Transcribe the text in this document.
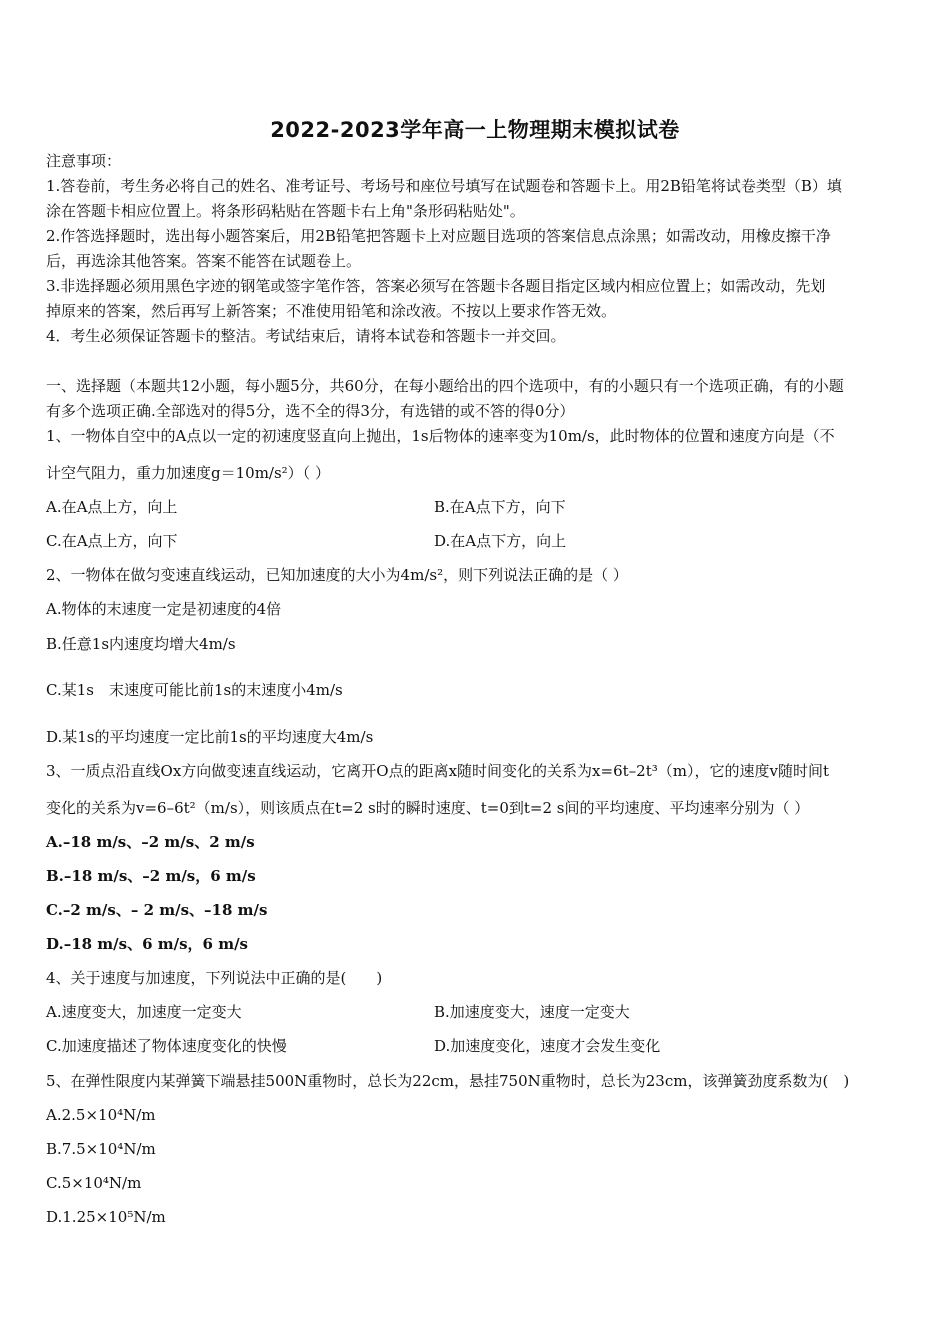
2022-2023学年高一上物理期末模拟试卷
注意事项：
1.答卷前，考生务必将自己的姓名、准考证号、考场号和座位号填写在试题卷和答题卡上。用2B铅笔将试卷类型（B）填
涂在答题卡相应位置上。将条形码粘贴在答题卡右上角"条形码粘贴处"。
2.作答选择题时，选出每小题答案后，用2B铅笔把答题卡上对应题目选项的答案信息点涂黑；如需改动，用橡皮擦干净
后，再选涂其他答案。答案不能答在试题卷上。
3.非选择题必须用黑色字迹的钢笔或签字笔作答，答案必须写在答题卡各题目指定区域内相应位置上；如需改动，先划
掉原来的答案，然后再写上新答案；不准使用铅笔和涂改液。不按以上要求作答无效。
4．考生必须保证答题卡的整洁。考试结束后，请将本试卷和答题卡一并交回。
一、选择题（本题共12小题，每小题5分，共60分，在每小题给出的四个选项中，有的小题只有一个选项正确，有的小题
有多个选项正确.全部选对的得5分，选不全的得3分，有选错的或不答的得0分）
1、一物体自空中的A点以一定的初速度竖直向上抛出，1s后物体的速率变为10m/s，此时物体的位置和速度方向是（不
计空气阻力，重力加速度g＝10m/s²）（ ）
A.在A点上方，向上	B.在A点下方，向下
C.在A点上方，向下	D.在A点下方，向上
2、一物体在做匀变速直线运动，已知加速度的大小为4m/s²，则下列说法正确的是（ ）
A.物体的末速度一定是初速度的4倍
B.任意1s内速度均增大4m/s
C.某1s　末速度可能比前1s的末速度小4m/s
D.某1s的平均速度一定比前1s的平均速度大4m/s
3、一质点沿直线Ox方向做变速直线运动，它离开O点的距离x随时间变化的关系为x=6t–2t³（m），它的速度v随时间t
变化的关系为v=6–6t²（m/s），则该质点在t=2 s时的瞬时速度、t=0到t=2 s间的平均速度、平均速率分别为（ ）
A.–18 m/s、–2 m/s、2 m/s
B.–18 m/s、–2 m/s，6 m/s
C.–2 m/s、– 2 m/s、–18 m/s
D.–18 m/s、6 m/s，6 m/s
4、关于速度与加速度，下列说法中正确的是(　　)
A.速度变大，加速度一定变大	B.加速度变大，速度一定变大
C.加速度描述了物体速度变化的快慢	D.加速度变化，速度才会发生变化
5、在弹性限度内某弹簧下端悬挂500N重物时，总长为22cm，悬挂750N重物时，总长为23cm，该弹簧劲度系数为(　)
A.2.5×10⁴N/m
B.7.5×10⁴N/m
C.5×10⁴N/m
D.1.25×10⁵N/m
